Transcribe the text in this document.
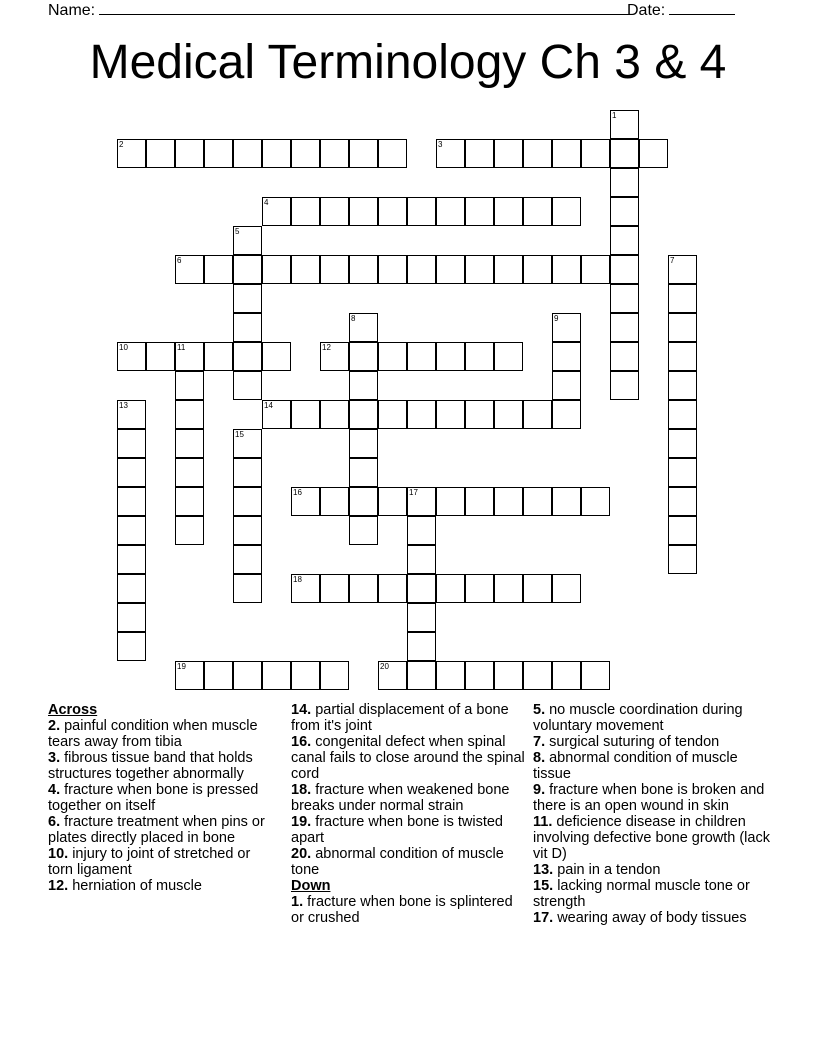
Name:	Date:
Medical Terminology Ch 3 & 4
1
2	3
4
5
6	7
8	9
10	11	12
13	14
15
16	17
18
19	20
Across
2. painful condition when muscle tears away from tibia
3. fibrous tissue band that holds structures together abnormally
4. fracture when bone is pressed together on itself
6. fracture treatment when pins or plates directly placed in bone
10. injury to joint of stretched or torn ligament
12. herniation of muscle
14. partial displacement of a bone from it's joint
16. congenital defect when spinal canal fails to close around the spinal cord
18. fracture when weakened bone breaks under normal strain
19. fracture when bone is twisted apart
20. abnormal condition of muscle tone
Down
1. fracture when bone is splintered or crushed
5. no muscle coordination during voluntary movement
7. surgical suturing of tendon
8. abnormal condition of muscle tissue
9. fracture when bone is broken and there is an open wound in skin
11. deficience disease in children involving defective bone growth (lack vit D)
13. pain in a tendon
15. lacking normal muscle tone or strength
17. wearing away of body tissues
